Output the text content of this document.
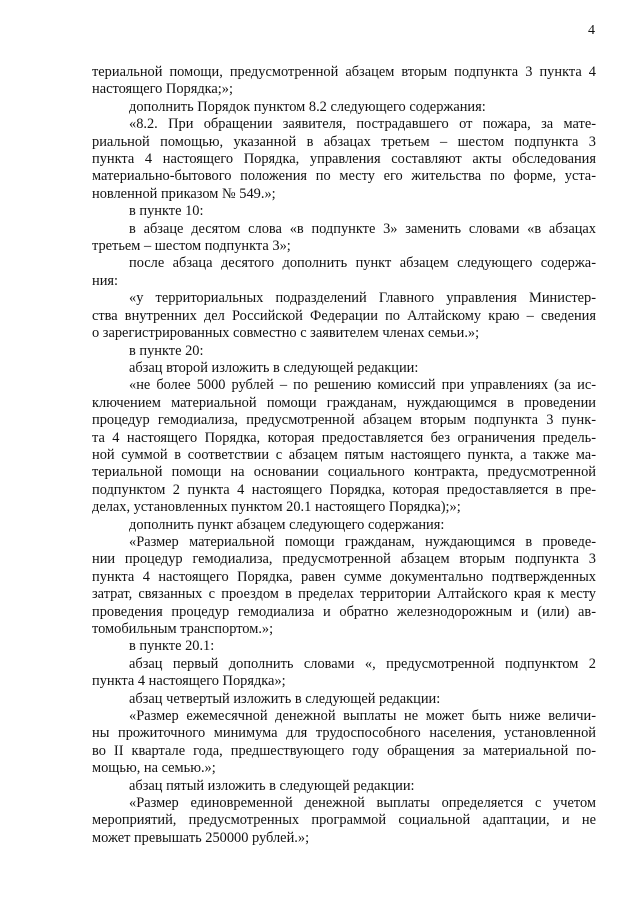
4
териальной помощи, предусмотренной абзацем вторым подпункта 3 пункта 4
настоящего Порядка;»;
дополнить Порядок пунктом 8.2 следующего содержания:
«8.2. При обращении заявителя, пострадавшего от пожара, за мате-
риальной помощью, указанной в абзацах третьем – шестом подпункта 3
пункта 4 настоящего Порядка, управления составляют акты обследования
материально-бытового положения по месту его жительства по форме, уста-
новленной приказом № 549.»;
в пункте 10:
в абзаце десятом слова «в подпункте 3» заменить словами «в абзацах
третьем – шестом подпункта 3»;
после абзаца десятого дополнить пункт абзацем следующего содержа-
ния:
«у территориальных подразделений Главного управления Министер-
ства внутренних дел Российской Федерации по Алтайскому краю – сведения
о зарегистрированных совместно с заявителем членах семьи.»;
в пункте 20:
абзац второй изложить в следующей редакции:
«не более 5000 рублей – по решению комиссий при управлениях (за ис-
ключением материальной помощи гражданам, нуждающимся в проведении
процедур гемодиализа, предусмотренной абзацем вторым подпункта 3 пунк-
та 4 настоящего Порядка, которая предоставляется без ограничения предель-
ной суммой в соответствии с абзацем пятым настоящего пункта, а также ма-
териальной помощи на основании социального контракта, предусмотренной
подпунктом 2 пункта 4 настоящего Порядка, которая предоставляется в пре-
делах, установленных пунктом 20.1 настоящего Порядка);»;
дополнить пункт абзацем следующего содержания:
«Размер материальной помощи гражданам, нуждающимся в проведе-
нии процедур гемодиализа, предусмотренной абзацем вторым подпункта 3
пункта 4 настоящего Порядка, равен сумме документально подтвержденных
затрат, связанных с проездом в пределах территории Алтайского края к месту
проведения процедур гемодиализа и обратно железнодорожным и (или) ав-
томобильным транспортом.»;
в пункте 20.1:
абзац первый дополнить словами «, предусмотренной подпунктом 2
пункта 4 настоящего Порядка»;
абзац четвертый изложить в следующей редакции:
«Размер ежемесячной денежной выплаты не может быть ниже величи-
ны прожиточного минимума для трудоспособного населения, установленной
во II квартале года, предшествующего году обращения за материальной по-
мощью, на семью.»;
абзац пятый изложить в следующей редакции:
«Размер единовременной денежной выплаты определяется с учетом
мероприятий, предусмотренных программой социальной адаптации, и не
может превышать 250000 рублей.»;
